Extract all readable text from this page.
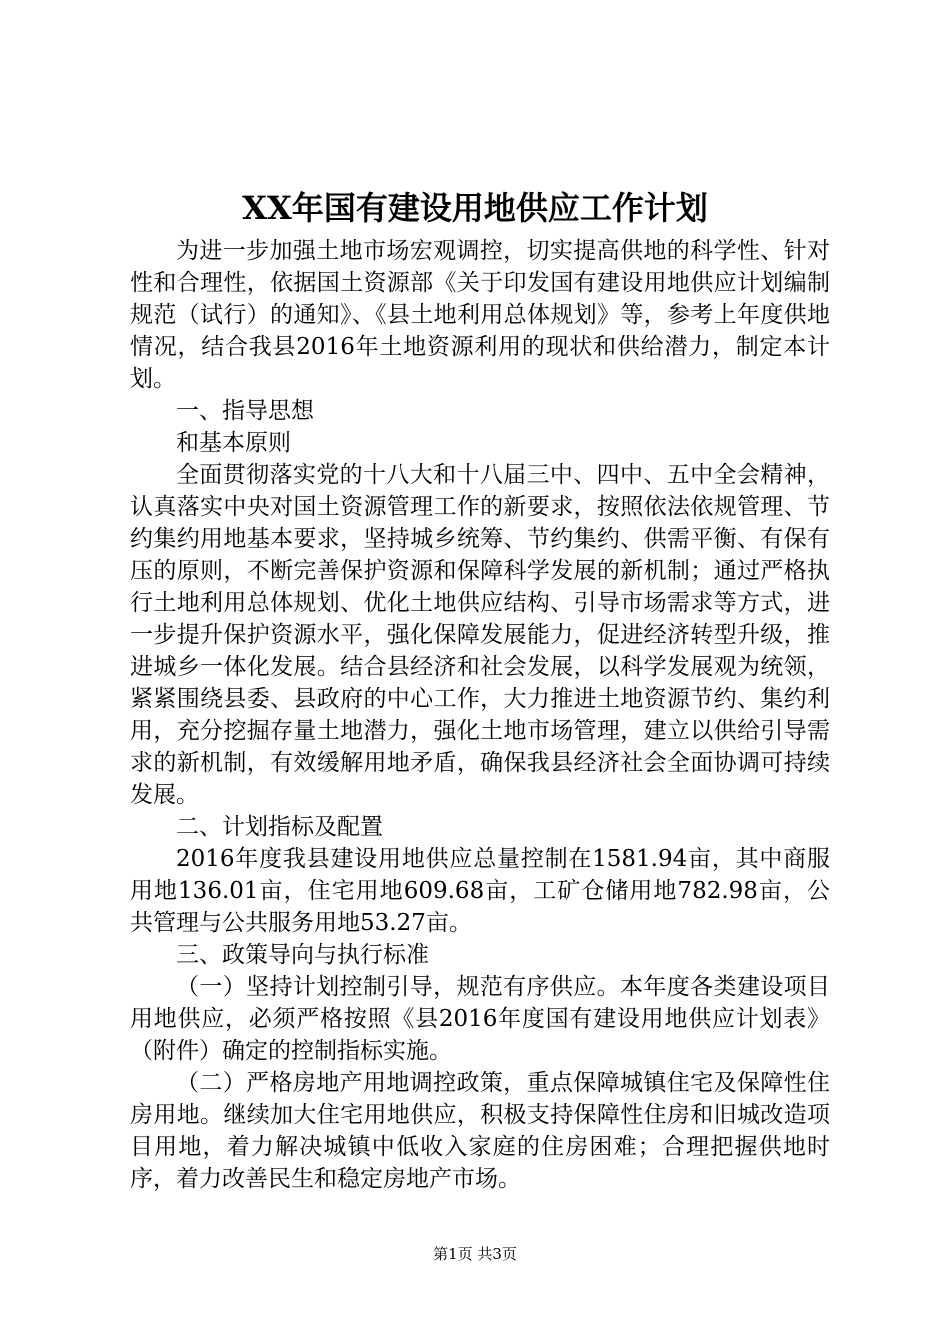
XX年国有建设用地供应工作计划

为进一步加强土地市场宏观调控，切实提高供地的科学性、针对性和合理性，依据国土资源部《关于印发国有建设用地供应计划编制规范（试行）的通知》、《县土地利用总体规划》等，参考上年度供地情况，结合我县2016年土地资源利用的现状和供给潜力，制定本计划。

一、指导思想

和基本原则

全面贯彻落实党的十八大和十八届三中、四中、五中全会精神，认真落实中央对国土资源管理工作的新要求，按照依法依规管理、节约集约用地基本要求，坚持城乡统筹、节约集约、供需平衡、有保有压的原则，不断完善保护资源和保障科学发展的新机制；通过严格执行土地利用总体规划、优化土地供应结构、引导市场需求等方式，进一步提升保护资源水平，强化保障发展能力，促进经济转型升级，推进城乡一体化发展。结合县经济和社会发展，以科学发展观为统领，紧紧围绕县委、县政府的中心工作，大力推进土地资源节约、集约利用，充分挖掘存量土地潜力，强化土地市场管理，建立以供给引导需求的新机制，有效缓解用地矛盾，确保我县经济社会全面协调可持续发展。

二、计划指标及配置

2016年度我县建设用地供应总量控制在1581.94亩，其中商服用地136.01亩，住宅用地609.68亩，工矿仓储用地782.98亩，公共管理与公共服务用地53.27亩。

三、政策导向与执行标准

（一）坚持计划控制引导，规范有序供应。本年度各类建设项目用地供应，必须严格按照《县2016年度国有建设用地供应计划表》（附件）确定的控制指标实施。

（二）严格房地产用地调控政策，重点保障城镇住宅及保障性住房用地。继续加大住宅用地供应，积极支持保障性住房和旧城改造项目用地，着力解决城镇中低收入家庭的住房困难；合理把握供地时序，着力改善民生和稳定房地产市场。

第1页 共3页
